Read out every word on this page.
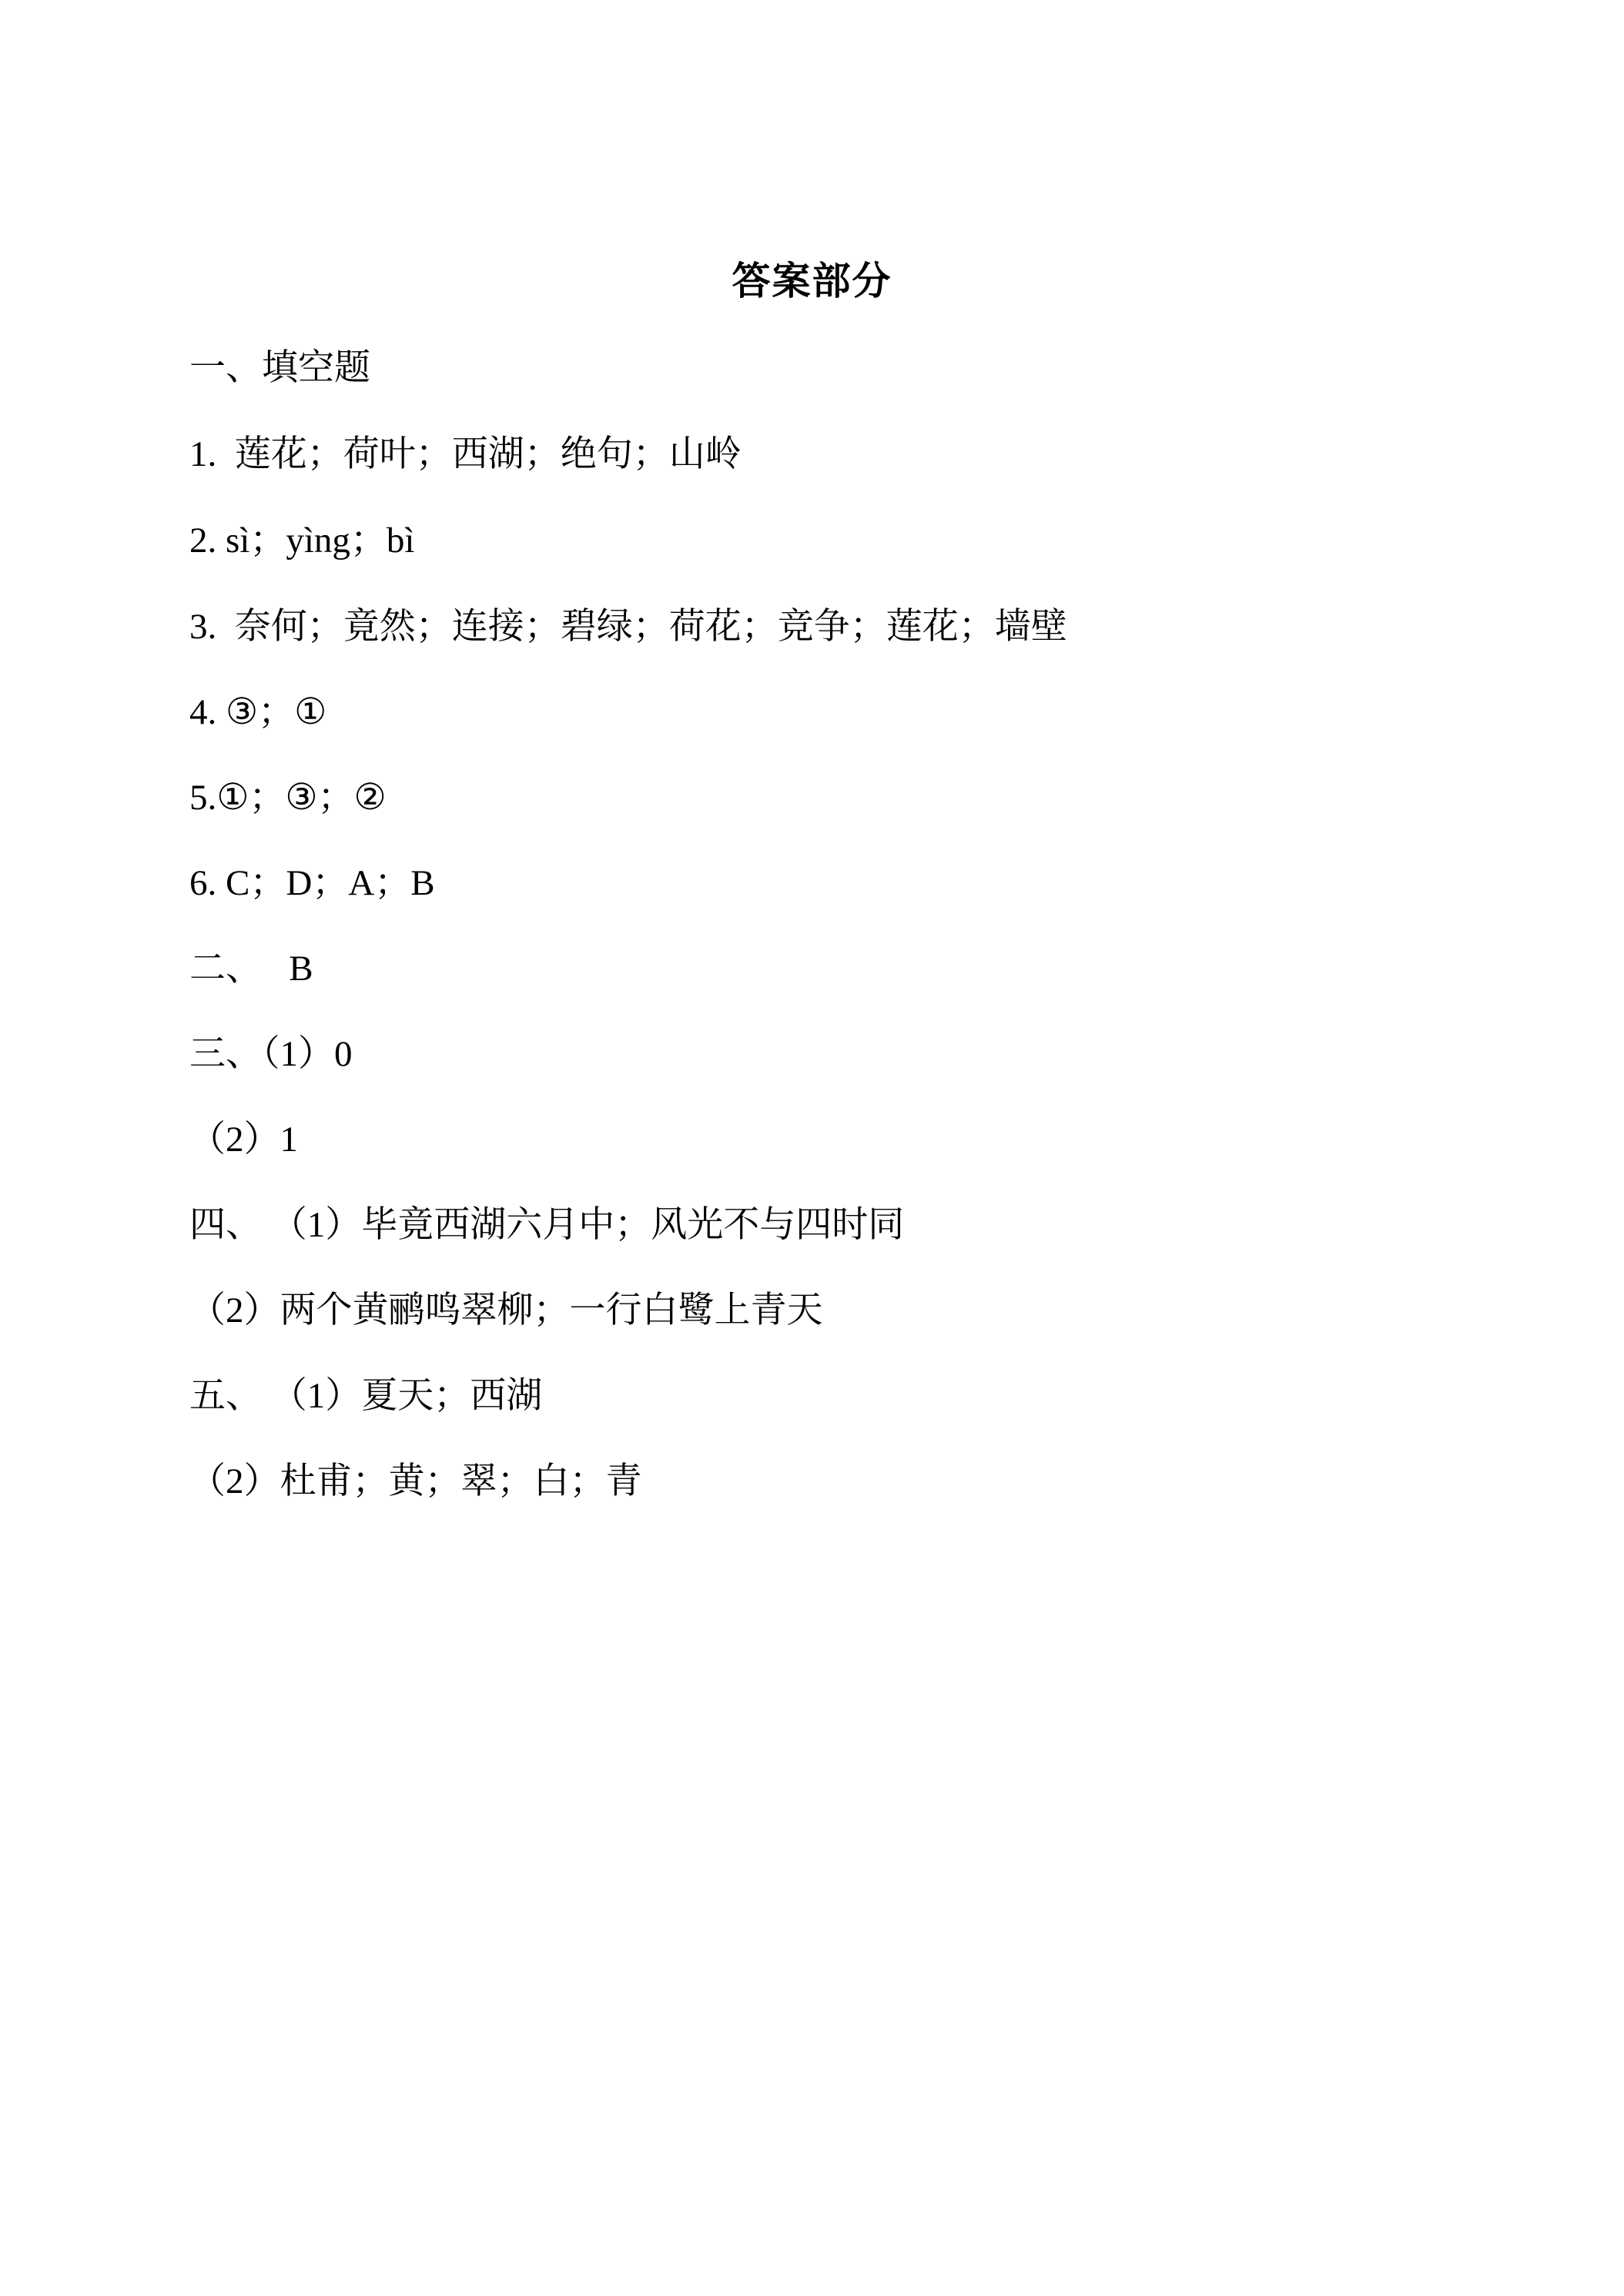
答案部分
一、填空题
1.  莲花；荷叶；西湖；绝句；山岭
2. sì；yìng；bì
3.  奈何；竟然；连接；碧绿；荷花；竞争；莲花；墙壁
4. ③；①
5.①；③；②
6. C；D；A；B
二、   B
三、（1）0
（2）1
四、 （1）毕竟西湖六月中；风光不与四时同
（2）两个黄鹂鸣翠柳；一行白鹭上青天
五、 （1）夏天；西湖
（2）杜甫；黄；翠；白；青
